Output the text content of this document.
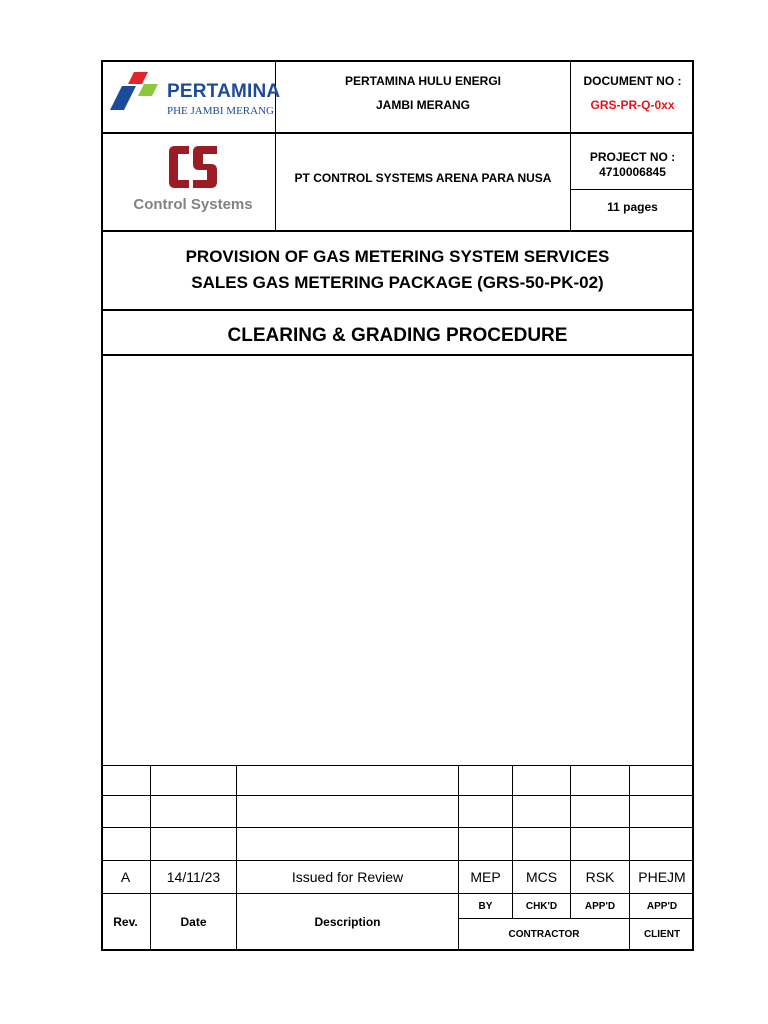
PERTAMINA
PHE JAMBI MERANG
PERTAMINA HULU ENERGI
JAMBI MERANG
DOCUMENT NO :
GRS-PR-Q-0xx
Control Systems
PT CONTROL SYSTEMS ARENA PARA NUSA
PROJECT NO :
4710006845
11 pages
PROVISION OF GAS METERING SYSTEM SERVICES
SALES GAS METERING PACKAGE (GRS-50-PK-02)
CLEARING & GRADING PROCEDURE
A	14/11/23	Issued for Review	MEP	MCS	RSK	PHEJM
Rev.	Date	Description
BY	CHK'D	APP'D	APP'D
CONTRACTOR	CLIENT
